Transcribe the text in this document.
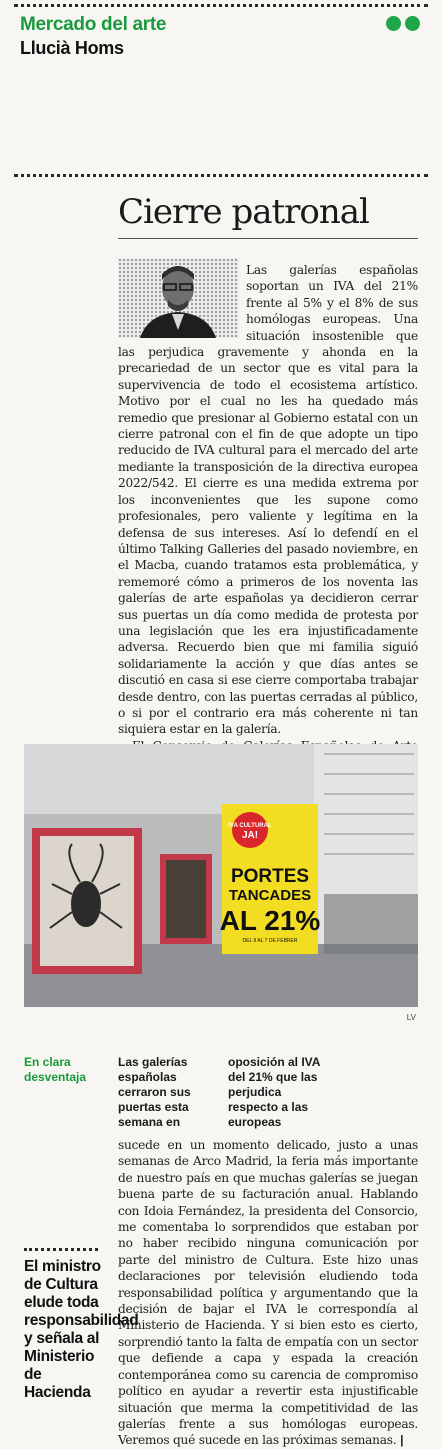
Mercado del arte
Llucià Homs
Cierre patronal

Las galerías españolas soportan un IVA del 21% frente al 5% y el 8% de sus homólogas europeas. Una situación insostenible que las perjudica gravemente y ahonda en la precariedad de un sector que es vital para la supervivencia de todo el ecosistema artístico. Motivo por el cual no les ha quedado más remedio que presionar al Gobierno estatal con un cierre patronal con el fin de que adopte un tipo reducido de IVA cultural para el mercado del arte mediante la transposición de la directiva europea 2022/542. El cierre es una medida extrema por los inconvenientes que les supone como profesionales, pero valiente y legítima en la defensa de sus intereses. Así lo defendí en el último Talking Galleries del pasado noviembre, en el Macba, cuando tratamos esta problemática, y rememoré cómo a primeros de los noventa las galerías de arte españolas ya decidieron cerrar sus puertas un día como medida de protesta por una legislación que les era injustificadamente adversa. Recuerdo bien que mi familia siguió solidariamente la acción y que días antes se discutió en casa si ese cierre comportaba trabajar desde dentro, con las puertas cerradas al público, o si por el contrario era más coherente ni tan siquiera estar en la galería.

IVA CULTURAL
JA!
PORTES
TANCADES
AL 21%
DEL 9 AL 7 DE FEBRER
LV
En clara desventaja
Las galerías españolas cerraron sus puertas esta semana en
oposición al IVA del 21% que las perjudica respecto a las europeas

sucede en un momento delicado, justo a unas semanas de Arco Madrid, la feria más importante de nuestro país en que muchas galerías se juegan buena parte de su facturación anual. Hablando con Idoia Fernández, la presidenta del Consorcio, me comentaba lo sorprendidos que estaban por no haber recibido ninguna comunicación por parte del ministro de Cultura. Este hizo unas declaraciones por televisión eludiendo toda responsabilidad política y argumentando que la decisión de bajar el IVA le correspondía al Ministerio de Hacienda. Y si bien esto es cierto, sorprendió tanto la falta de empatía con un sector que defiende a capa y espada la creación contemporánea como su carencia de compromiso político en ayudar a revertir esta injustificable situación que merma la competitividad de las galerías frente a sus homólogas europeas. Veremos qué sucede en las próximas semanas. |

El ministro de Cultura elude toda responsabilidad y señala al Ministerio de Hacienda
